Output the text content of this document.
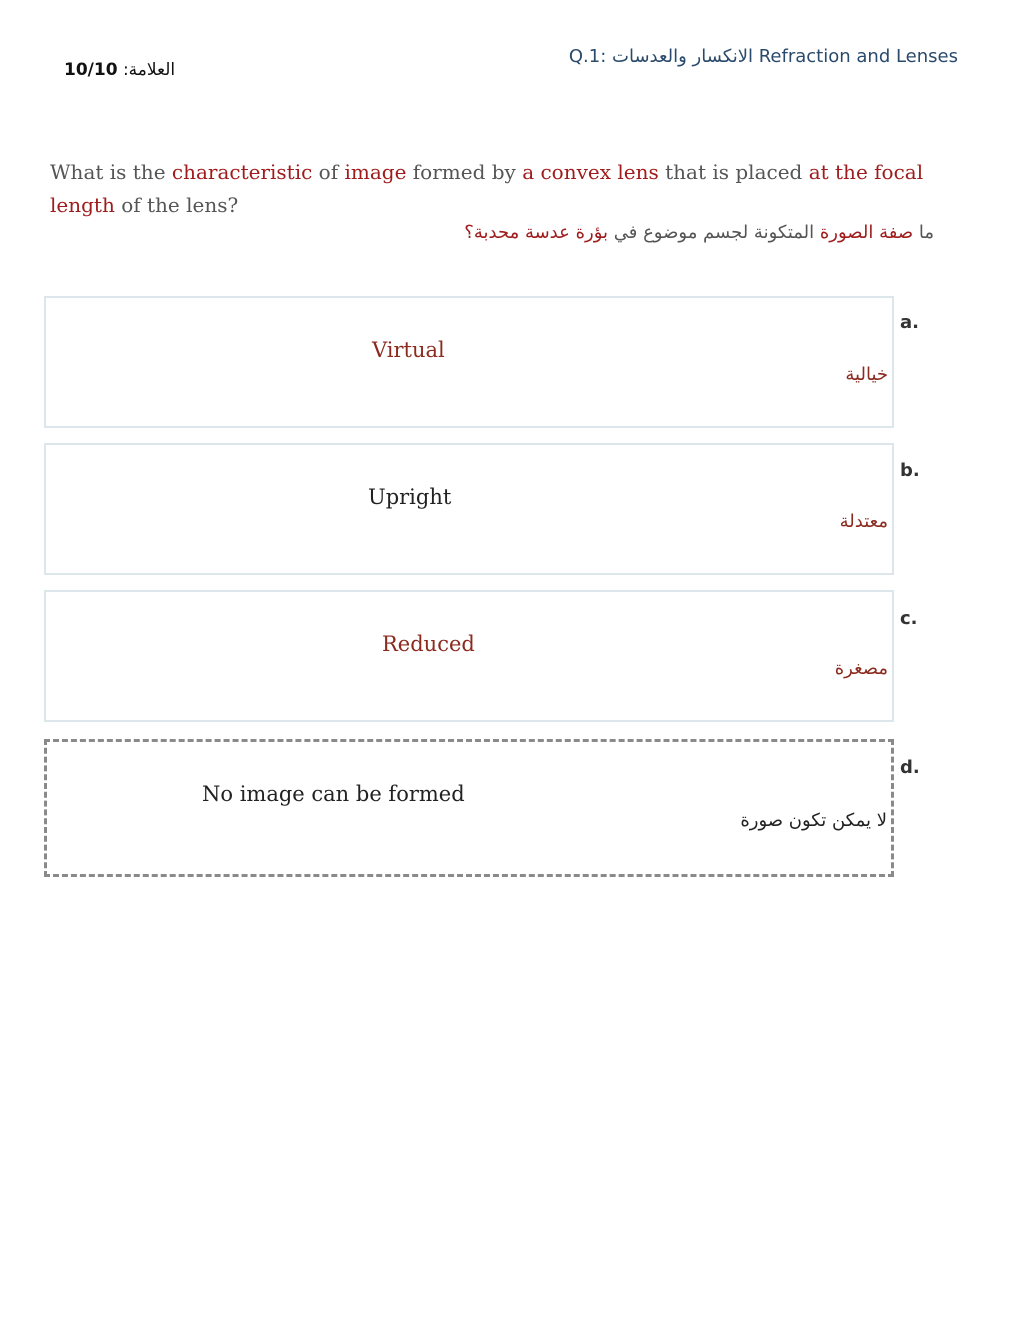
العلامة: 10/10
Q.1: الانكسار والعدسات Refraction and Lenses
What is the characteristic of image formed by a convex lens that is placed at the focal length of the lens?
ما صفة الصورة المتكونة لجسم موضوع في بؤرة عدسة محدبة؟
Virtual
خيالية
a.
Upright
معتدلة
b.
Reduced
مصغرة
c.
No image can be formed
لا يمكن تكون صورة
d.
